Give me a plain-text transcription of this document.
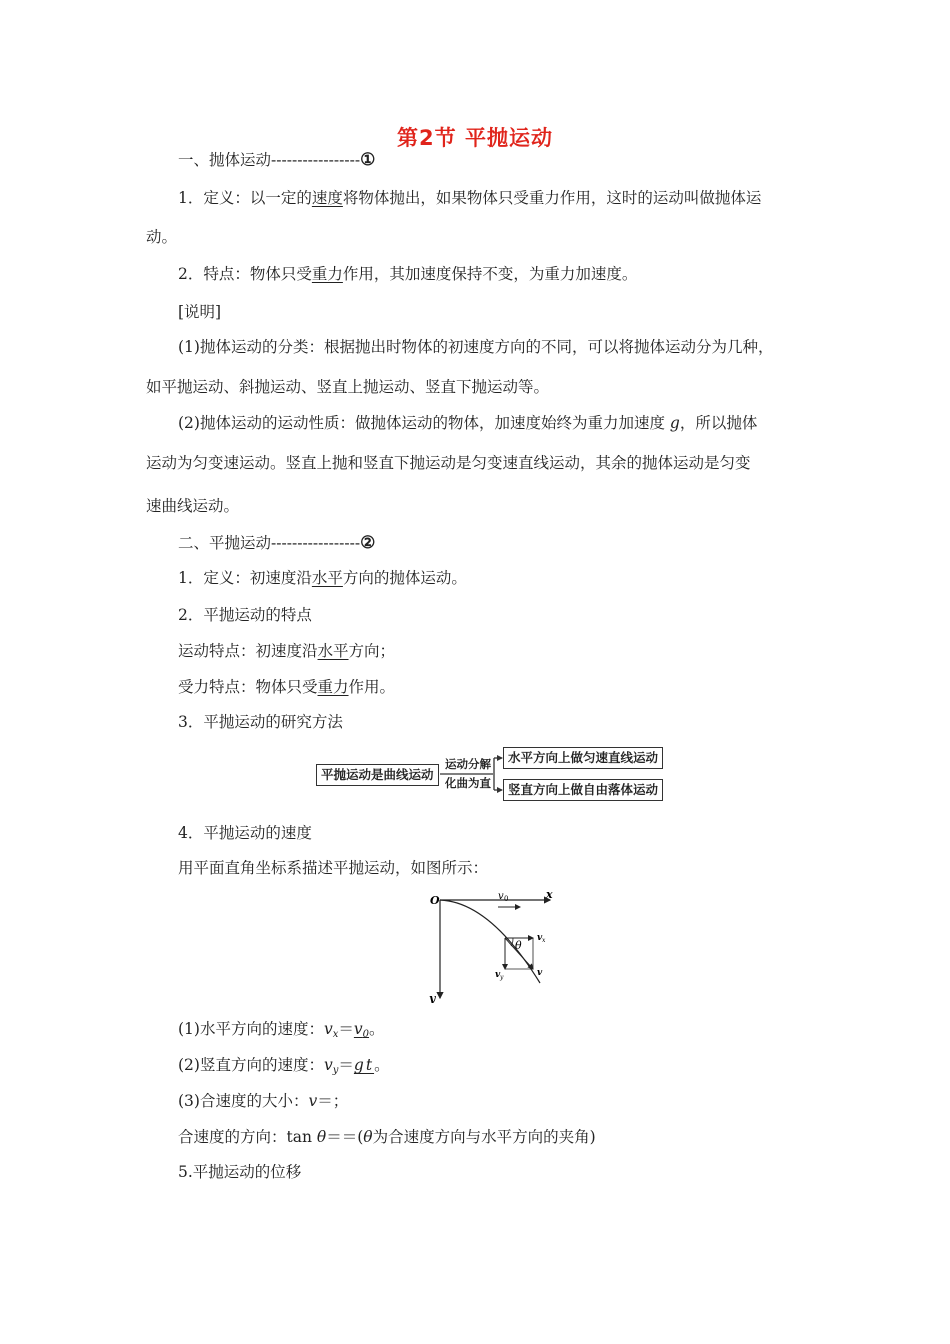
第2节 平抛运动
一、抛体运动-----------------①
1．定义：以一定的速度将物体抛出，如果物体只受重力作用，这时的运动叫做抛体运
动。
2．特点：物体只受重力作用，其加速度保持不变，为重力加速度。
[说明]
(1)抛体运动的分类：根据抛出时物体的初速度方向的不同，可以将抛体运动分为几种，
如平抛运动、斜抛运动、竖直上抛运动、竖直下抛运动等。
(2)抛体运动的运动性质：做抛体运动的物体，加速度始终为重力加速度 g，所以抛体
运动为匀变速运动。竖直上抛和竖直下抛运动是匀变速直线运动，其余的抛体运动是匀变
速曲线运动。
二、平抛运动-----------------②
1．定义：初速度沿水平方向的抛体运动。
2．平抛运动的特点
运动特点：初速度沿水平方向；
受力特点：物体只受重力作用。
3．平抛运动的研究方法
平抛运动是曲线运动
运动分解
化曲为直
水平方向上做匀速直线运动
竖直方向上做自由落体运动
4．平抛运动的速度
用平面直角坐标系描述平抛运动，如图所示：
O	x
y
v 0
θ
v x
v y	v
(1)水平方向的速度：$v_x=v_0$。
(2)竖直方向的速度：$v_y=gt$。
(3)合速度的大小：v＝；
合速度的方向：tan θ＝＝(θ为合速度方向与水平方向的夹角)
5.平抛运动的位移
